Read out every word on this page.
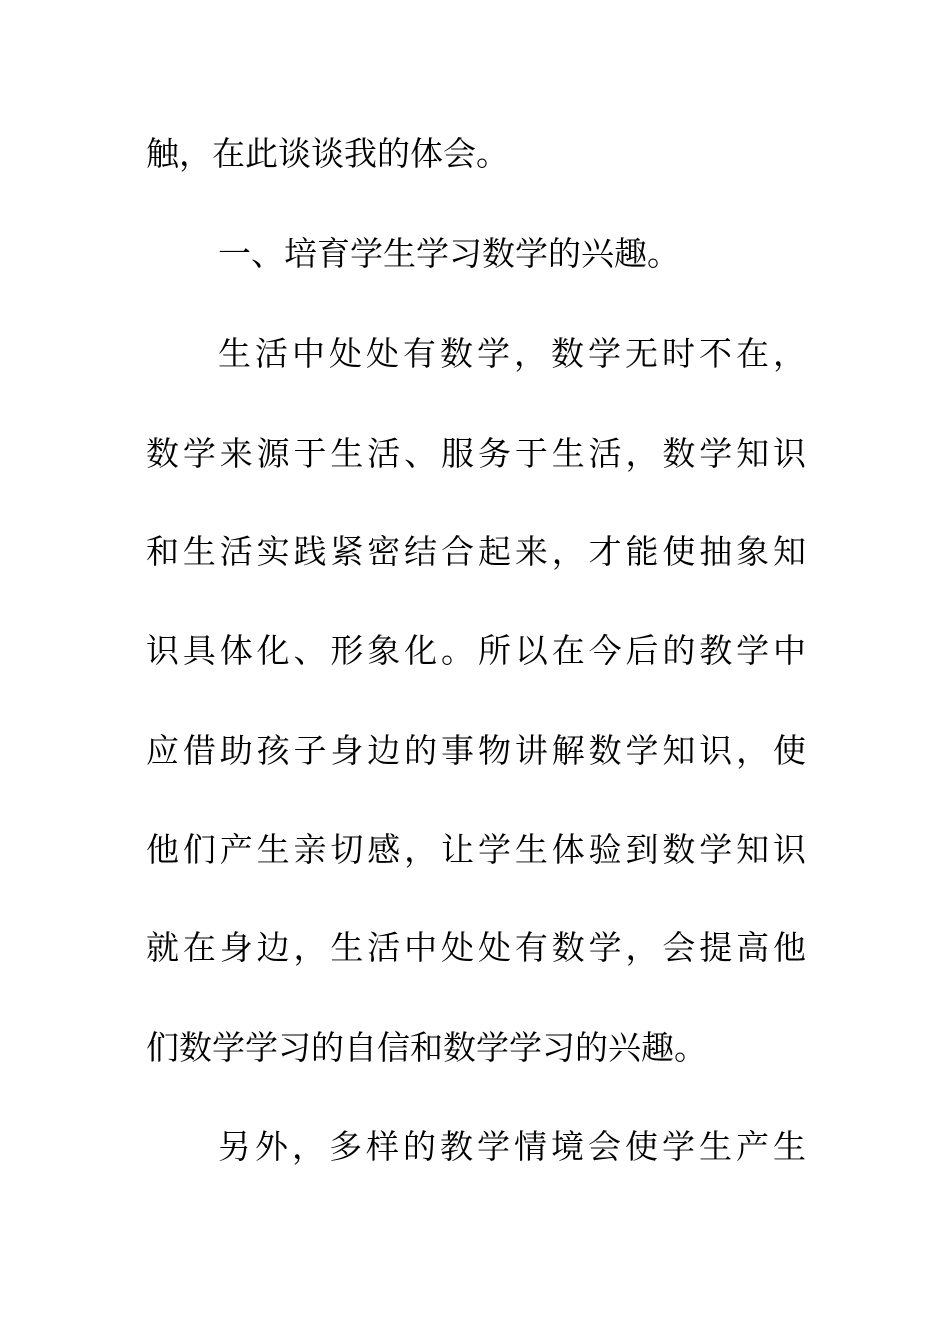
触，在此谈谈我的体会。
一、培育学生学习数学的兴趣。
生活中处处有数学，数学无时不在，
数学来源于生活、服务于生活，数学知识
和生活实践紧密结合起来，才能使抽象知
识具体化、形象化。所以在今后的教学中
应借助孩子身边的事物讲解数学知识，使
他们产生亲切感，让学生体验到数学知识
就在身边，生活中处处有数学，会提高他
们数学学习的自信和数学学习的兴趣。
另外，多样的教学情境会使学生产生
